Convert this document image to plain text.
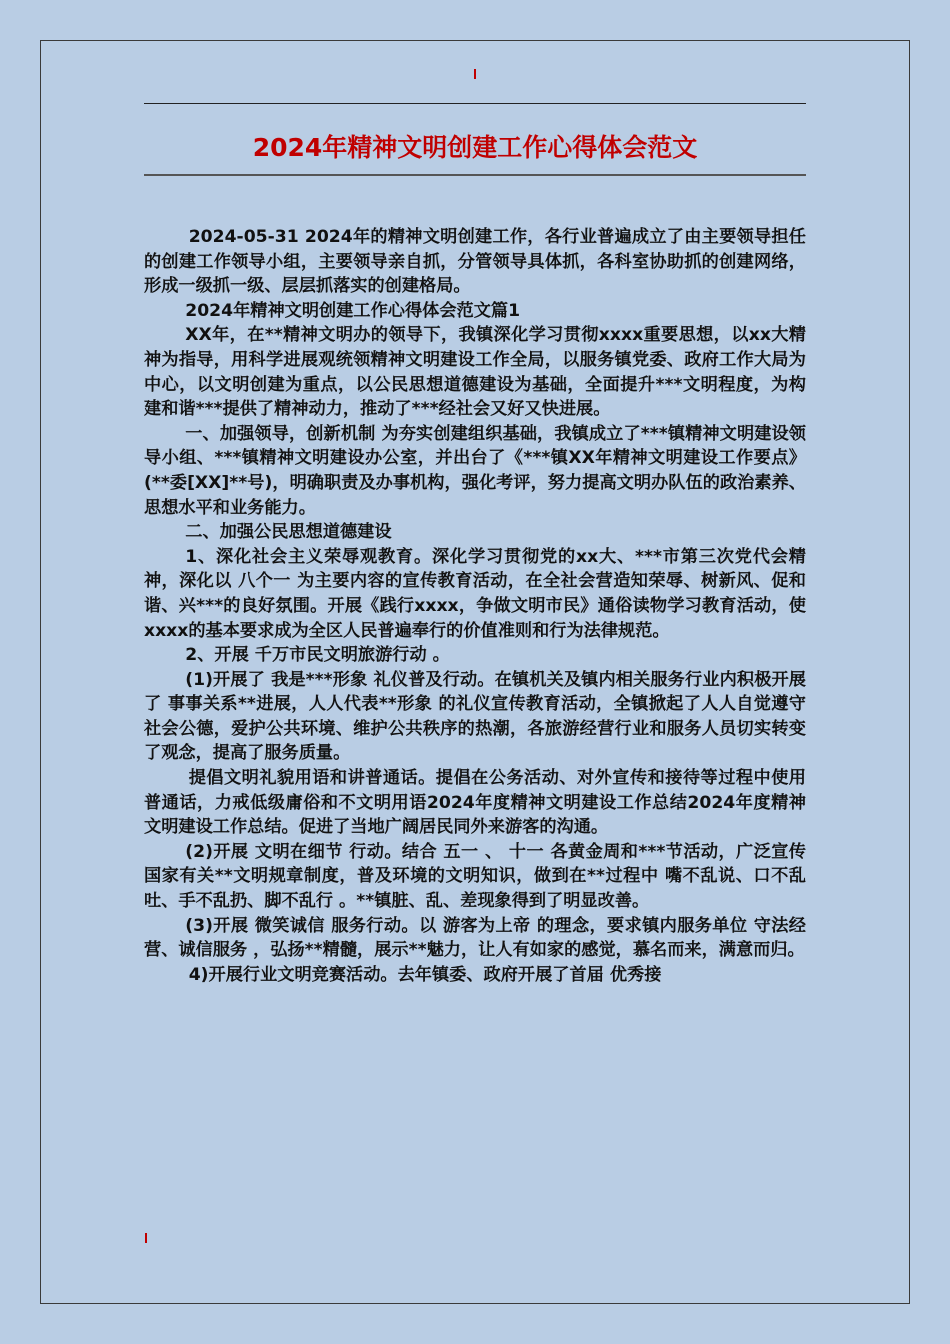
2024年精神文明创建工作心得体会范文

2024-05-31 2024年的精神文明创建工作，各行业普遍成立了由主要领导担任的创建工作领导小组，主要领导亲自抓，分管领导具体抓，各科室协助抓的创建网络，形成一级抓一级、层层抓落实的创建格局。

2024年精神文明创建工作心得体会范文篇1

XX年，在**精神文明办的领导下，我镇深化学习贯彻xxxx重要思想，以xx大精神为指导，用科学进展观统领精神文明建设工作全局，以服务镇党委、政府工作大局为中心，以文明创建为重点，以公民思想道德建设为基础，全面提升***文明程度，为构建和谐***提供了精神动力，推动了***经社会又好又快进展。

一、加强领导，创新机制 为夯实创建组织基础，我镇成立了***镇精神文明建设领导小组、***镇精神文明建设办公室，并出台了《***镇XX年精神文明建设工作要点》(**委[XX]**号)，明确职责及办事机构，强化考评，努力提高文明办队伍的政治素养、思想水平和业务能力。

二、加强公民思想道德建设

1、深化社会主义荣辱观教育。深化学习贯彻党的xx大、***市第三次党代会精神，深化以 八个一 为主要内容的宣传教育活动，在全社会营造知荣辱、树新风、促和谐、兴***的良好氛围。开展《践行xxxx，争做文明市民》通俗读物学习教育活动，使xxxx的基本要求成为全区人民普遍奉行的价值准则和行为法律规范。

2、开展 千万市民文明旅游行动 。

(1)开展了 我是***形象 礼仪普及行动。在镇机关及镇内相关服务行业内积极开展了 事事关系**进展，人人代表**形象 的礼仪宣传教育活动，全镇掀起了人人自觉遵守社会公德，爱护公共环境、维护公共秩序的热潮，各旅游经营行业和服务人员切实转变了观念，提高了服务质量。

提倡文明礼貌用语和讲普通话。提倡在公务活动、对外宣传和接待等过程中使用普通话，力戒低级庸俗和不文明用语2024年度精神文明建设工作总结2024年度精神文明建设工作总结。促进了当地广阔居民同外来游客的沟通。

(2)开展 文明在细节 行动。结合 五一 、 十一 各黄金周和***节活动，广泛宣传国家有关**文明规章制度，普及环境的文明知识，做到在**过程中 嘴不乱说、口不乱吐、手不乱扔、脚不乱行 。**镇脏、乱、差现象得到了明显改善。

(3)开展 微笑诚信 服务行动。以 游客为上帝 的理念，要求镇内服务单位 守法经营、诚信服务 ，弘扬**精髓，展示**魅力，让人有如家的感觉，慕名而来，满意而归。

4)开展行业文明竞赛活动。去年镇委、政府开展了首届 优秀接
